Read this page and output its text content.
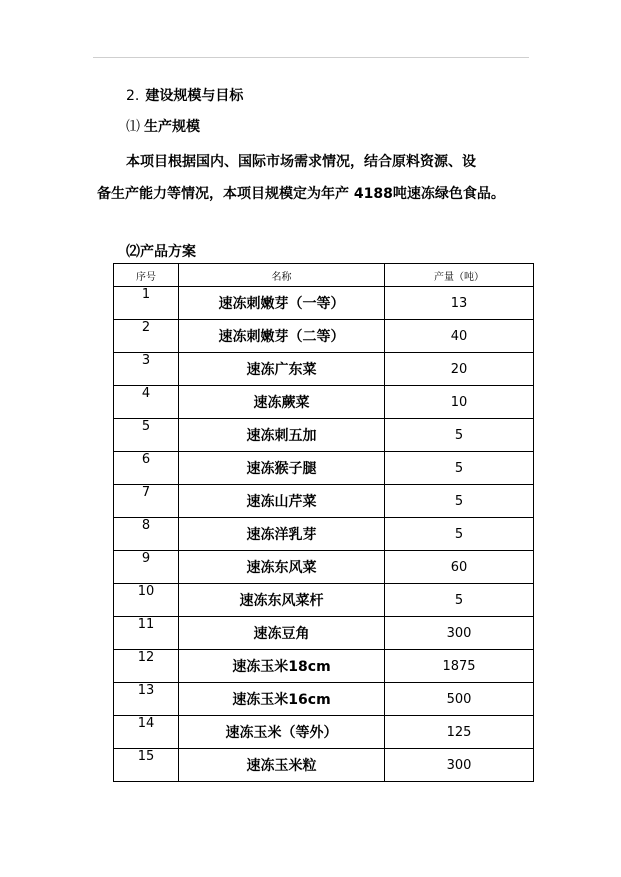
2. 建设规模与目标
⑴ 生产规模
本项目根据国内、国际市场需求情况，结合原料资源、设
备生产能力等情况，本项目规模定为年产 4188吨速冻绿色食品。
⑵产品方案
序号	名称	产量（吨）
1	速冻刺嫩芽（一等）	13
2	速冻刺嫩芽（二等）	40
3	速冻广东菜	20
4	速冻蕨菜	10
5	速冻刺五加	5
6	速冻猴子腿	5
7	速冻山芹菜	5
8	速冻洋乳芽	5
9	速冻东风菜	60
10	速冻东风菜杆	5
11	速冻豆角	300
12	速冻玉米18cm	1875
13	速冻玉米16cm	500
14	速冻玉米（等外）	125
15	速冻玉米粒	300
